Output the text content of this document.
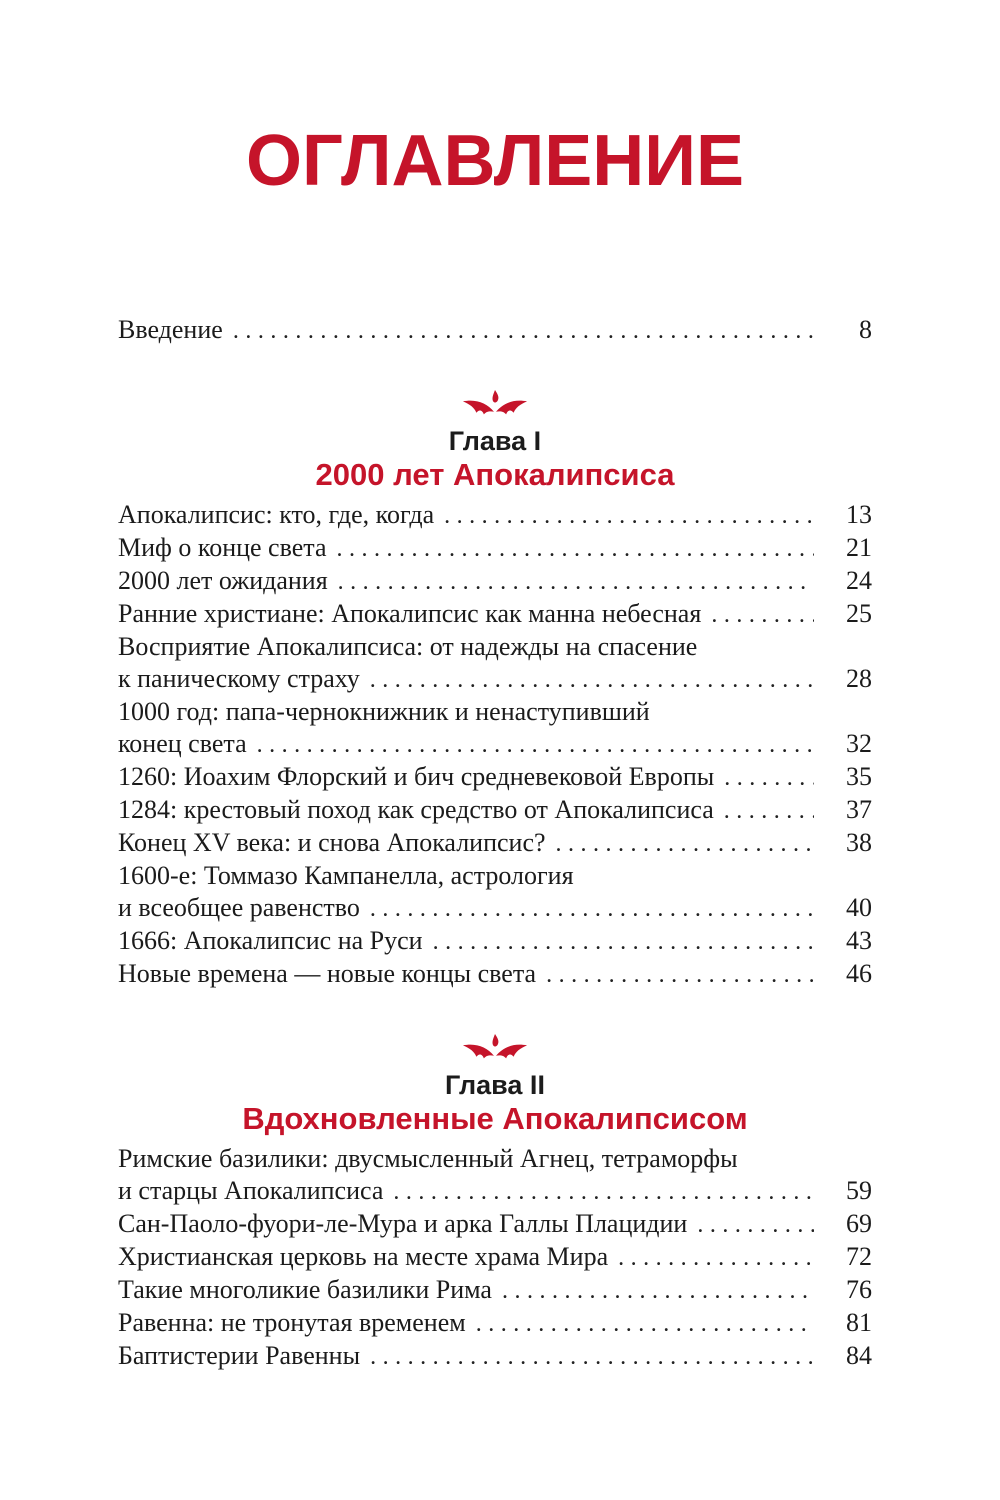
ОГЛАВЛЕНИЕ
Введение .....	8
Глава I
2000 лет Апокалипсиса
Апокалипсис: кто, где, когда .....	13
Миф о конце света .....	21
2000 лет ожидания .....	24
Ранние христиане: Апокалипсис как манна небесная .....	25
Восприятие Апокалипсиса: от надежды на спасение
к паническому страху .....	28
1000 год: папа-чернокнижник и ненаступивший
конец света .....	32
1260: Иоахим Флорский и бич средневековой Европы .....	35
1284: крестовый поход как средство от Апокалипсиса .....	37
Конец XV века: и снова Апокалипсис? .....	38
1600-е: Томмазо Кампанелла, астрология
и всеобщее равенство .....	40
1666: Апокалипсис на Руси .....	43
Новые времена — новые концы света .....	46
Глава II
Вдохновленные Апокалипсисом
Римские базилики: двусмысленный Агнец, тетраморфы
и старцы Апокалипсиса .....	59
Сан-Паоло-фуори-ле-Мура и арка Галлы Плацидии .....	69
Христианская церковь на месте храма Мира .....	72
Такие многоликие базилики Рима .....	76
Равенна: не тронутая временем .....	81
Баптистерии Равенны .....	84
